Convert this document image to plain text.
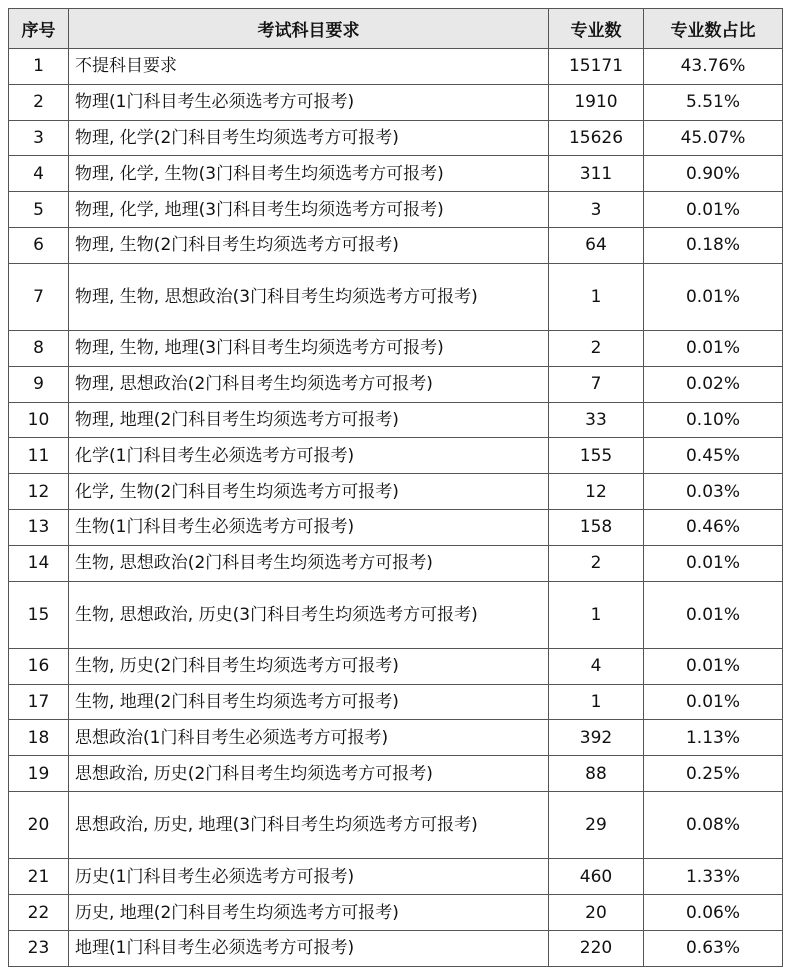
序号	考试科目要求	专业数	专业数占比
1	不提科目要求	15171	43.76%
2	物理(1门科目考生必须选考方可报考)	1910	5.51%
3	物理, 化学(2门科目考生均须选考方可报考)	15626	45.07%
4	物理, 化学, 生物(3门科目考生均须选考方可报考)	311	0.90%
5	物理, 化学, 地理(3门科目考生均须选考方可报考)	3	0.01%
6	物理, 生物(2门科目考生均须选考方可报考)	64	0.18%
7	物理, 生物, 思想政治(3门科目考生均须选考方可报考)	1	0.01%
8	物理, 生物, 地理(3门科目考生均须选考方可报考)	2	0.01%
9	物理, 思想政治(2门科目考生均须选考方可报考)	7	0.02%
10	物理, 地理(2门科目考生均须选考方可报考)	33	0.10%
11	化学(1门科目考生必须选考方可报考)	155	0.45%
12	化学, 生物(2门科目考生均须选考方可报考)	12	0.03%
13	生物(1门科目考生必须选考方可报考)	158	0.46%
14	生物, 思想政治(2门科目考生均须选考方可报考)	2	0.01%
15	生物, 思想政治, 历史(3门科目考生均须选考方可报考)	1	0.01%
16	生物, 历史(2门科目考生均须选考方可报考)	4	0.01%
17	生物, 地理(2门科目考生均须选考方可报考)	1	0.01%
18	思想政治(1门科目考生必须选考方可报考)	392	1.13%
19	思想政治, 历史(2门科目考生均须选考方可报考)	88	0.25%
20	思想政治, 历史, 地理(3门科目考生均须选考方可报考)	29	0.08%
21	历史(1门科目考生必须选考方可报考)	460	1.33%
22	历史, 地理(2门科目考生均须选考方可报考)	20	0.06%
23	地理(1门科目考生必须选考方可报考)	220	0.63%
